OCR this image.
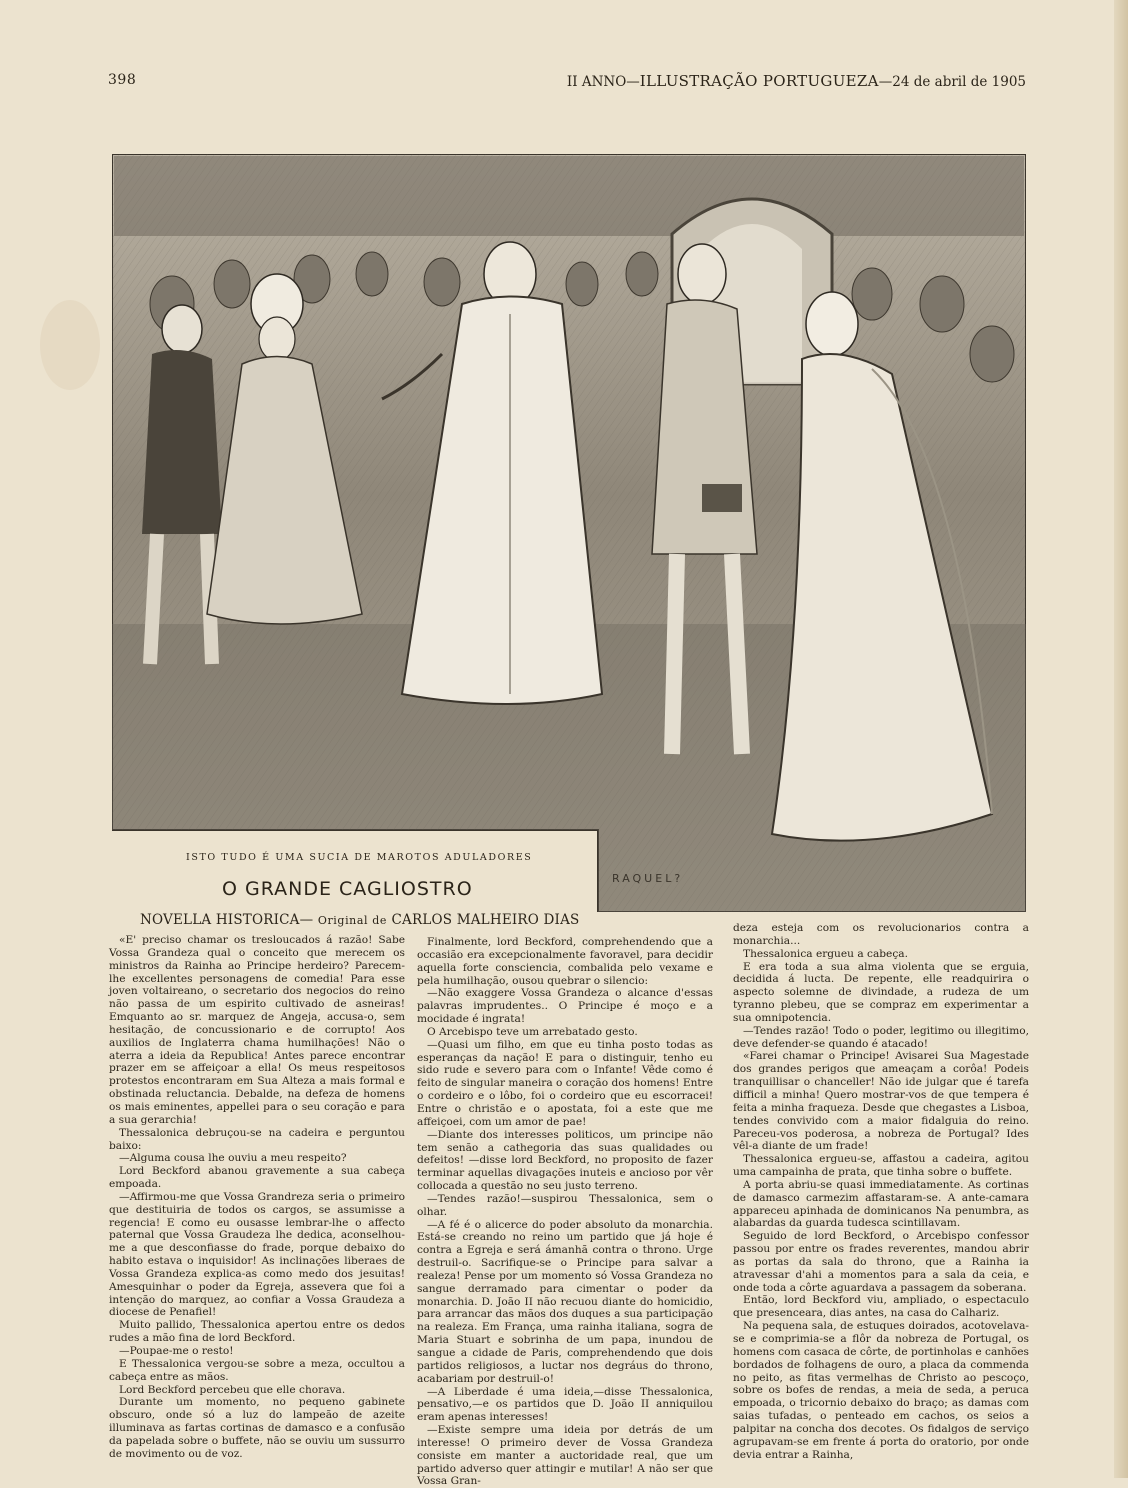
398	II ANNO—ILLUSTRAÇÃO PORTUGUEZA—24 de abril de 1905
RAQUEL?
ISTO TUDO É UMA SUCIA DE MAROTOS ADULADORES
O GRANDE CAGLIOSTRO
NOVELLA HISTORICA— Original de CARLOS MALHEIRO DIAS

«E' preciso chamar os tresloucados á razão! Sabe Vossa Grandeza qual o conceito que merecem os ministros da Rainha ao Principe herdeiro? Parecem-lhe excellentes personagens de comedia! Para esse joven voltaireano, o secretario dos negocios do reino não passa de um espirito cultivado de asneiras! Emquanto ao sr. marquez de Angeja, accusa-o, sem hesitação, de concussionario e de corrupto! Aos auxilios de Inglaterra chama humilhações! Não o aterra a ideia da Republica! Antes parece encontrar prazer em se affeiçoar a ella! Os meus respeitosos protestos encontraram em Sua Alteza a mais formal e obstinada reluctancia. Debalde, na defeza de homens os mais eminentes, appellei para o seu coração e para a sua gerarchia!

Thessalonica debruçou-se na cadeira e perguntou baixo:

—Alguma cousa lhe ouviu a meu respeito?

Lord Beckford abanou gravemente a sua cabeça empoada.

—Affirmou-me que Vossa Grandreza seria o primeiro que destituiria de todos os cargos, se assumisse a regencia! E como eu ousasse lembrar-lhe o affecto paternal que Vossa Graudeza lhe dedica, aconselhou-me a que desconfiasse do frade, porque debaixo do habito estava o inquisidor! As inclinações liberaes de Vossa Grandeza explica-as como medo dos jesuitas! Amesquinhar o poder da Egreja, assevera que foi a intenção do marquez, ao confiar a Vossa Graudeza a diocese de Penafiel!

Muito pallido, Thessalonica apertou entre os dedos rudes a mão fina de lord Beckford.

—Poupae-me o resto!

E Thessalonica vergou-se sobre a meza, occultou a cabeça entre as mãos.

Lord Beckford percebeu que elle chorava.

Durante um momento, no pequeno gabinete obscuro, onde só a luz do lampeão de azeite illuminava as fartas cortinas de damasco e a confusão da papelada sobre o buffete, não se ouviu um sussurro de movimento ou de voz.

Finalmente, lord Beckford, comprehendendo que a occasião era excepcionalmente favoravel, para decidir aquella forte consciencia, combalida pelo vexame e pela humilhação, ousou quebrar o silencio:

—Não exaggere Vossa Grandeza o alcance d'essas palavras imprudentes.. O Principe é moço e a mocidade é ingrata!

O Arcebispo teve um arrebatado gesto.

—Quasi um filho, em que eu tinha posto todas as esperanças da nação! E para o distinguir, tenho eu sido rude e severo para com o Infante! Vêde como é feito de singular maneira o coração dos homens! Entre o cordeiro e o lôbo, foi o cordeiro que eu escorracei! Entre o christão e o apostata, foi a este que me affeiçoei, com um amor de pae!

—Diante dos interesses politicos, um principe não tem senão a cathegoria das suas qualidades ou defeitos! —disse lord Beckford, no proposito de fazer terminar aquellas divagações inuteis e ancioso por vêr collocada a questão no seu justo terreno.

—Tendes razão!—suspirou Thessalonica, sem o olhar.

—A fé é o alicerce do poder absoluto da monarchia. Está-se creando no reino um partido que já hoje é contra a Egreja e será ámanhã contra o throno. Urge destruil-o. Sacrifique-se o Principe para salvar a realeza! Pense por um momento só Vossa Grandeza no sangue derramado para cimentar o poder da monarchia. D. João II não recuou diante do homicidio, para arrancar das mãos dos duques a sua participação na realeza. Em França, uma rainha italiana, sogra de Maria Stuart e sobrinha de um papa, inundou de sangue a cidade de Paris, comprehendendo que dois partidos religiosos, a luctar nos degráus do throno, acabariam por destruil-o!

—A Liberdade é uma ideia,—disse Thessalonica, pensativo,—e os partidos que D. João II anniquilou eram apenas interesses!

—Existe sempre uma ideia por detrás de um interesse! O primeiro dever de Vossa Grandeza consiste em manter a auctoridade real, que um partido adverso quer attingir e mutilar! A não ser que Vossa Gran-

deza esteja com os revolucionarios contra a monarchia...

Thessalonica ergueu a cabeça.

E era toda a sua alma violenta que se erguia, decidida á lucta. De repente, elle readquirira o aspecto solemne de divindade, a rudeza de um tyranno plebeu, que se compraz em experimentar a sua omnipotencia.

—Tendes razão! Todo o poder, legitimo ou illegitimo, deve defender-se quando é atacado!

«Farei chamar o Principe! Avisarei Sua Magestade dos grandes perigos que ameaçam a corôa! Podeis tranquillisar o chanceller! Não ide julgar que é tarefa difficil a minha! Quero mostrar-vos de que tempera é feita a minha fraqueza. Desde que chegastes a Lisboa, tendes convivido com a maior fidalguia do reino. Pareceu-vos poderosa, a nobreza de Portugal? Ides vêl-a diante de um frade!

Thessalonica ergueu-se, affastou a cadeira, agitou uma campainha de prata, que tinha sobre o buffete.

A porta abriu-se quasi immediatamente. As cortinas de damasco carmezim affastaram-se. A ante-camara appareceu apinhada de dominicanos Na penumbra, as alabardas da guarda tudesca scintillavam.

Seguido de lord Beckford, o Arcebispo confessor passou por entre os frades reverentes, mandou abrir as portas da sala do throno, que a Rainha ia atravessar d'ahi a momentos para a sala da ceia, e onde toda a côrte aguardava a passagem da soberana.

Então, lord Beckford viu, ampliado, o espectaculo que presenceara, dias antes, na casa do Calhariz.

Na pequena sala, de estuques doirados, acotovelava-se e comprimia-se a flôr da nobreza de Portugal, os homens com casaca de côrte, de portinholas e canhões bordados de folhagens de ouro, a placa da commenda no peito, as fitas vermelhas de Christo ao pescoço, sobre os bofes de rendas, a meia de seda, a peruca empoada, o tricornio debaixo do braço; as damas com saias tufadas, o penteado em cachos, os seios a palpitar na concha dos decotes. Os fidalgos de serviço agrupavam-se em frente á porta do oratorio, por onde devia entrar a Rainha,
